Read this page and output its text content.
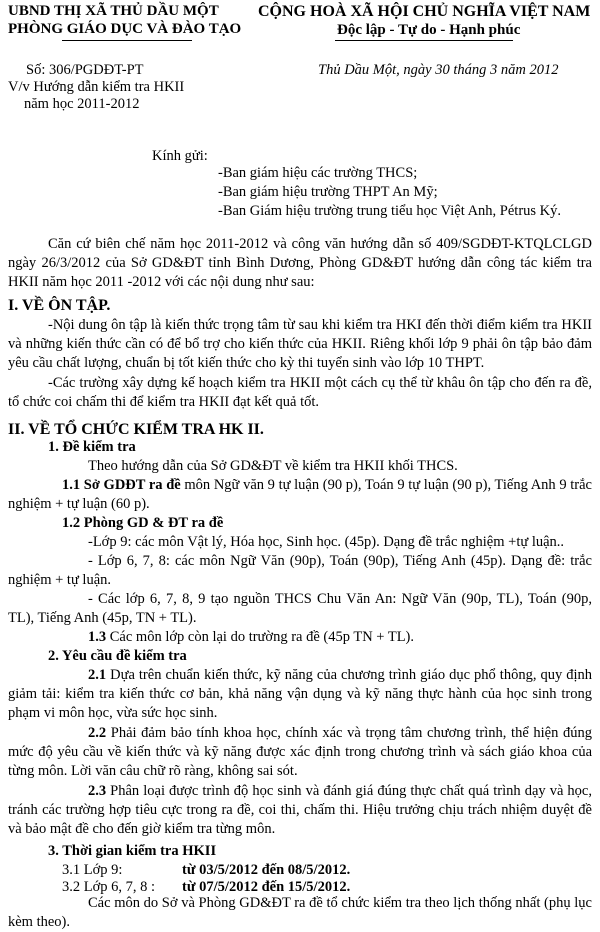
UBND THỊ XÃ THỦ DẦU MỘT
PHÒNG GIÁO DỤC VÀ ĐÀO TẠO
CỘNG HOÀ XÃ HỘI CHỦ NGHĨA VIỆT NAM
Độc lập - Tự do - Hạnh phúc
Số: 306/PGDĐT-PT	Thủ Dầu Một, ngày 30 tháng 3 năm 2012
V/v Hướng dẫn kiểm tra HKII
năm học 2011-2012
Kính gửi:
-Ban giám hiệu các trường THCS;
-Ban giám hiệu trường THPT An Mỹ;
-Ban Giám hiệu trường trung tiểu học Việt Anh, Pétrus Ký.
Căn cứ biên chế năm học 2011-2012 và công văn hướng dẫn số 409/SGDĐT-KTQLCLGD ngày 26/3/2012 của Sở GD&ĐT tỉnh Bình Dương, Phòng GD&ĐT hướng dẫn công tác kiểm tra HKII năm học 2011 -2012 với các nội dung như sau:
I. VỀ ÔN TẬP.
-Nội dung ôn tập là kiến thức trọng tâm từ sau khi kiểm tra HKI đến thời điểm kiểm tra HKII và những kiến thức cần có để bổ trợ cho kiến thức của HKII. Riêng khối lớp 9 phải ôn tập bảo đảm yêu cầu chất lượng, chuẩn bị tốt kiến thức cho kỳ thi tuyển sinh vào lớp 10 THPT.
-Các trường xây dựng kế hoạch kiểm tra HKII một cách cụ thể từ khâu ôn tập cho đến ra đề, tổ chức coi chấm thi để kiểm tra HKII đạt kết quả tốt.
II. VỀ TỔ CHỨC KIỂM TRA HK II.
1. Đề kiểm tra
Theo hướng dẫn của Sở GD&ĐT về kiểm tra HKII khối THCS.
1.1 Sở GDĐT ra đề môn Ngữ văn 9 tự luận (90 p), Toán 9 tự luận (90 p), Tiếng Anh 9 trắc nghiệm + tự luận (60 p).
1.2 Phòng GD & ĐT ra đề
-Lớp 9: các môn Vật lý, Hóa học, Sinh học. (45p). Dạng đề trắc nghiệm +tự luận..
- Lớp 6, 7, 8: các môn Ngữ Văn (90p), Toán (90p), Tiếng Anh (45p). Dạng đề: trắc nghiệm + tự luận.
- Các lớp 6, 7, 8, 9 tạo nguồn THCS Chu Văn An: Ngữ Văn (90p, TL), Toán (90p, TL), Tiếng Anh (45p, TN + TL).
1.3 Các môn lớp còn lại do trường ra đề (45p TN + TL).
2. Yêu cầu đề kiểm tra
2.1 Dựa trên chuẩn kiến thức, kỹ năng của chương trình giáo dục phổ thông, quy định giảm tải: kiểm tra kiến thức cơ bản, khả năng vận dụng và kỹ năng thực hành của học sinh trong phạm vi môn học, vừa sức học sinh.
2.2 Phải đảm bảo tính khoa học, chính xác và trọng tâm chương trình, thể hiện đúng mức độ yêu cầu về kiến thức và kỹ năng được xác định trong chương trình và sách giáo khoa của từng môn. Lời văn câu chữ rõ ràng, không sai sót.
2.3 Phân loại được trình độ học sinh và đánh giá đúng thực chất quá trình dạy và học, tránh các trường hợp tiêu cực trong ra đề, coi thi, chấm thi. Hiệu trưởng chịu trách nhiệm duyệt đề và bảo mật đề cho đến giờ kiểm tra từng môn.
3. Thời gian kiểm tra HKII
3.1 Lớp 9:	từ 03/5/2012 đến 08/5/2012.
3.2 Lớp 6, 7, 8 : từ 07/5/2012 đến 15/5/2012.
Các môn do Sở và Phòng GD&ĐT ra đề tổ chức kiểm tra theo lịch thống nhất (phụ lục kèm theo).
